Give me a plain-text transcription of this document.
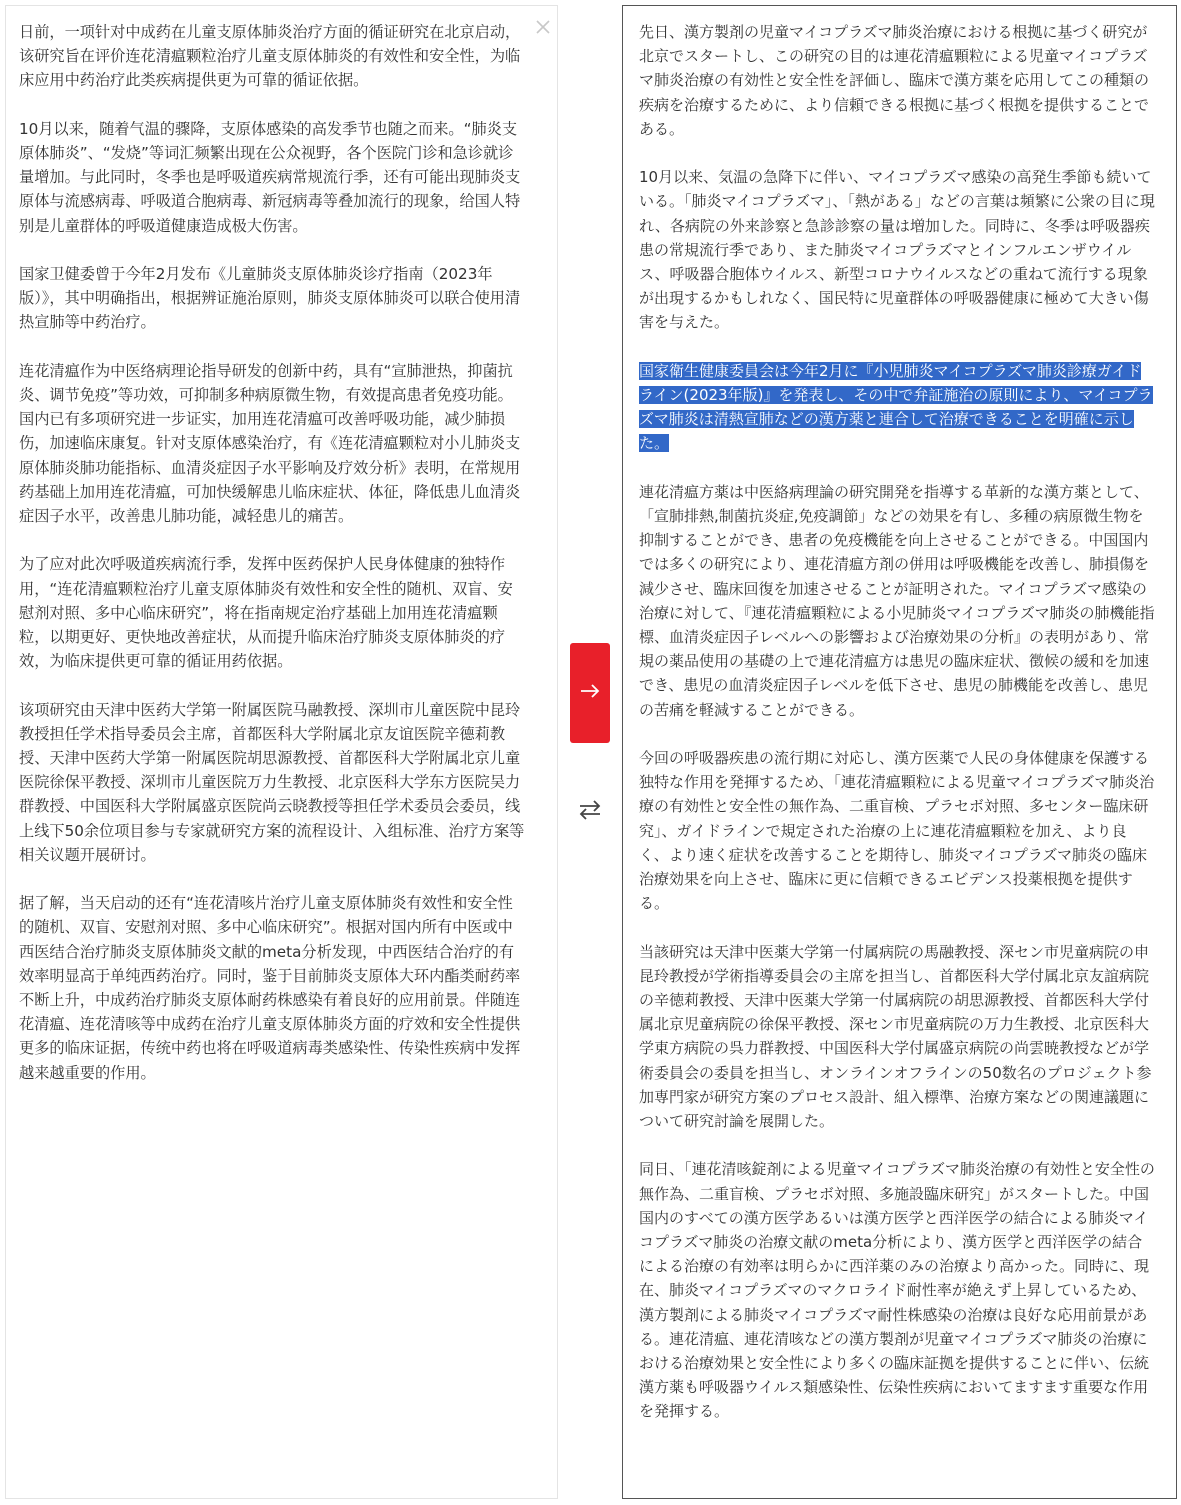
日前，一项针对中成药在儿童支原体肺炎治疗方面的循证研究在北京启动，该研究旨在评价连花清瘟颗粒治疗儿童支原体肺炎的有效性和安全性，为临床应用中药治疗此类疾病提供更为可靠的循证依据。

10月以来，随着气温的骤降，支原体感染的高发季节也随之而来。“肺炎支原体肺炎”、“发烧”等词汇频繁出现在公众视野，各个医院门诊和急诊就诊量增加。与此同时，冬季也是呼吸道疾病常规流行季，还有可能出现肺炎支原体与流感病毒、呼吸道合胞病毒、新冠病毒等叠加流行的现象，给国人特别是儿童群体的呼吸道健康造成极大伤害。

国家卫健委曾于今年2月发布《儿童肺炎支原体肺炎诊疗指南（2023年版）》，其中明确指出，根据辨证施治原则，肺炎支原体肺炎可以联合使用清热宣肺等中药治疗。

连花清瘟作为中医络病理论指导研发的创新中药，具有“宣肺泄热，抑菌抗炎、调节免疫”等功效，可抑制多种病原微生物，有效提高患者免疫功能。国内已有多项研究进一步证实，加用连花清瘟可改善呼吸功能，减少肺损伤，加速临床康复。针对支原体感染治疗，有《连花清瘟颗粒对小儿肺炎支原体肺炎肺功能指标、血清炎症因子水平影响及疗效分析》表明，在常规用药基础上加用连花清瘟，可加快缓解患儿临床症状、体征，降低患儿血清炎症因子水平，改善患儿肺功能，减轻患儿的痛苦。

为了应对此次呼吸道疾病流行季，发挥中医药保护人民身体健康的独特作用，“连花清瘟颗粒治疗儿童支原体肺炎有效性和安全性的随机、双盲、安慰剂对照、多中心临床研究”，将在指南规定治疗基础上加用连花清瘟颗粒，以期更好、更快地改善症状，从而提升临床治疗肺炎支原体肺炎的疗效，为临床提供更可靠的循证用药依据。

该项研究由天津中医药大学第一附属医院马融教授、深圳市儿童医院中昆玲教授担任学术指导委员会主席，首都医科大学附属北京友谊医院辛德莉教授、天津中医药大学第一附属医院胡思源教授、首都医科大学附属北京儿童医院徐保平教授、深圳市儿童医院万力生教授、北京医科大学东方医院吴力群教授、中国医科大学附属盛京医院尚云晓教授等担任学术委员会委员，线上线下50余位项目参与专家就研究方案的流程设计、入组标准、治疗方案等相关议题开展研讨。

据了解，当天启动的还有“连花清咳片治疗儿童支原体肺炎有效性和安全性的随机、双盲、安慰剂对照、多中心临床研究”。根据对国内所有中医或中西医结合治疗肺炎支原体肺炎文献的meta分析发现，中西医结合治疗的有效率明显高于单纯西药治疗。同时，鉴于目前肺炎支原体大环内酯类耐药率不断上升，中成药治疗肺炎支原体耐药株感染有着良好的应用前景。伴随连花清瘟、连花清咳等中成药在治疗儿童支原体肺炎方面的疗效和安全性提供更多的临床证据，传统中药也将在呼吸道病毒类感染性、传染性疾病中发挥越来越重要的作用。

先日、漢方製剤の児童マイコプラズマ肺炎治療における根拠に基づく研究が北京でスタートし、この研究の目的は連花清瘟顆粒による児童マイコプラズマ肺炎治療の有効性と安全性を評価し、臨床で漢方薬を応用してこの種類の疾病を治療するために、より信頼できる根拠に基づく根拠を提供することである。

10月以来、気温の急降下に伴い、マイコプラズマ感染の高発生季節も続いている。「肺炎マイコプラズマ」、「熱がある」などの言葉は頻繁に公衆の目に現れ、各病院の外来診察と急診診察の量は増加した。同時に、冬季は呼吸器疾患の常規流行季であり、また肺炎マイコプラズマとインフルエンザウイルス、呼吸器合胞体ウイルス、新型コロナウイルスなどの重ねて流行する現象が出現するかもしれなく、国民特に児童群体の呼吸器健康に極めて大きい傷害を与えた。

国家衛生健康委員会は今年2月に『小児肺炎マイコプラズマ肺炎診療ガイドライン(2023年版)』を発表し、その中で弁証施治の原則により、マイコプラズマ肺炎は清熱宣肺などの漢方薬と連合して治療できることを明確に示した。

連花清瘟方薬は中医絡病理論の研究開発を指導する革新的な漢方薬として、「宣肺排熱,制菌抗炎症,免疫調節」などの効果を有し、多種の病原微生物を抑制することができ、患者の免疫機能を向上させることができる。中国国内では多くの研究により、連花清瘟方剤の併用は呼吸機能を改善し、肺損傷を減少させ、臨床回復を加速させることが証明された。マイコプラズマ感染の治療に対して、『連花清瘟顆粒による小児肺炎マイコプラズマ肺炎の肺機能指標、血清炎症因子レベルへの影響および治療効果の分析』の表明があり、常規の薬品使用の基礎の上で連花清瘟方は患児の臨床症状、徴候の緩和を加速でき、患児の血清炎症因子レベルを低下させ、患児の肺機能を改善し、患児の苦痛を軽減することができる。

今回の呼吸器疾患の流行期に対応し、漢方医薬で人民の身体健康を保護する独特な作用を発揮するため、「連花清瘟顆粒による児童マイコプラズマ肺炎治療の有効性と安全性の無作為、二重盲検、プラセボ対照、多センター臨床研究」、ガイドラインで規定された治療の上に連花清瘟顆粒を加え、より良く、より速く症状を改善することを期待し、肺炎マイコプラズマ肺炎の臨床治療効果を向上させ、臨床に更に信頼できるエビデンス投薬根拠を提供する。

当該研究は天津中医薬大学第一付属病院の馬融教授、深セン市児童病院の申昆玲教授が学術指導委員会の主席を担当し、首都医科大学付属北京友誼病院の辛徳莉教授、天津中医薬大学第一付属病院の胡思源教授、首都医科大学付属北京児童病院の徐保平教授、深セン市児童病院の万力生教授、北京医科大学東方病院の呉力群教授、中国医科大学付属盛京病院の尚雲暁教授などが学術委員会の委員を担当し、オンラインオフラインの50数名のプロジェクト参加専門家が研究方案のプロセス設計、組入標準、治療方案などの関連議題について研究討論を展開した。

同日、「連花清咳錠剤による児童マイコプラズマ肺炎治療の有効性と安全性の無作為、二重盲検、プラセボ対照、多施設臨床研究」がスタートした。中国国内のすべての漢方医学あるいは漢方医学と西洋医学の結合による肺炎マイコプラズマ肺炎の治療文献のmeta分析により、漢方医学と西洋医学の結合による治療の有効率は明らかに西洋薬のみの治療より高かった。同時に、現在、肺炎マイコプラズマのマクロライド耐性率が絶えず上昇しているため、漢方製剤による肺炎マイコプラズマ耐性株感染の治療は良好な応用前景がある。連花清瘟、連花清咳などの漢方製剤が児童マイコプラズマ肺炎の治療における治療効果と安全性により多くの臨床証拠を提供することに伴い、伝統漢方薬も呼吸器ウイルス類感染性、伝染性疾病においてますます重要な作用を発揮する。
